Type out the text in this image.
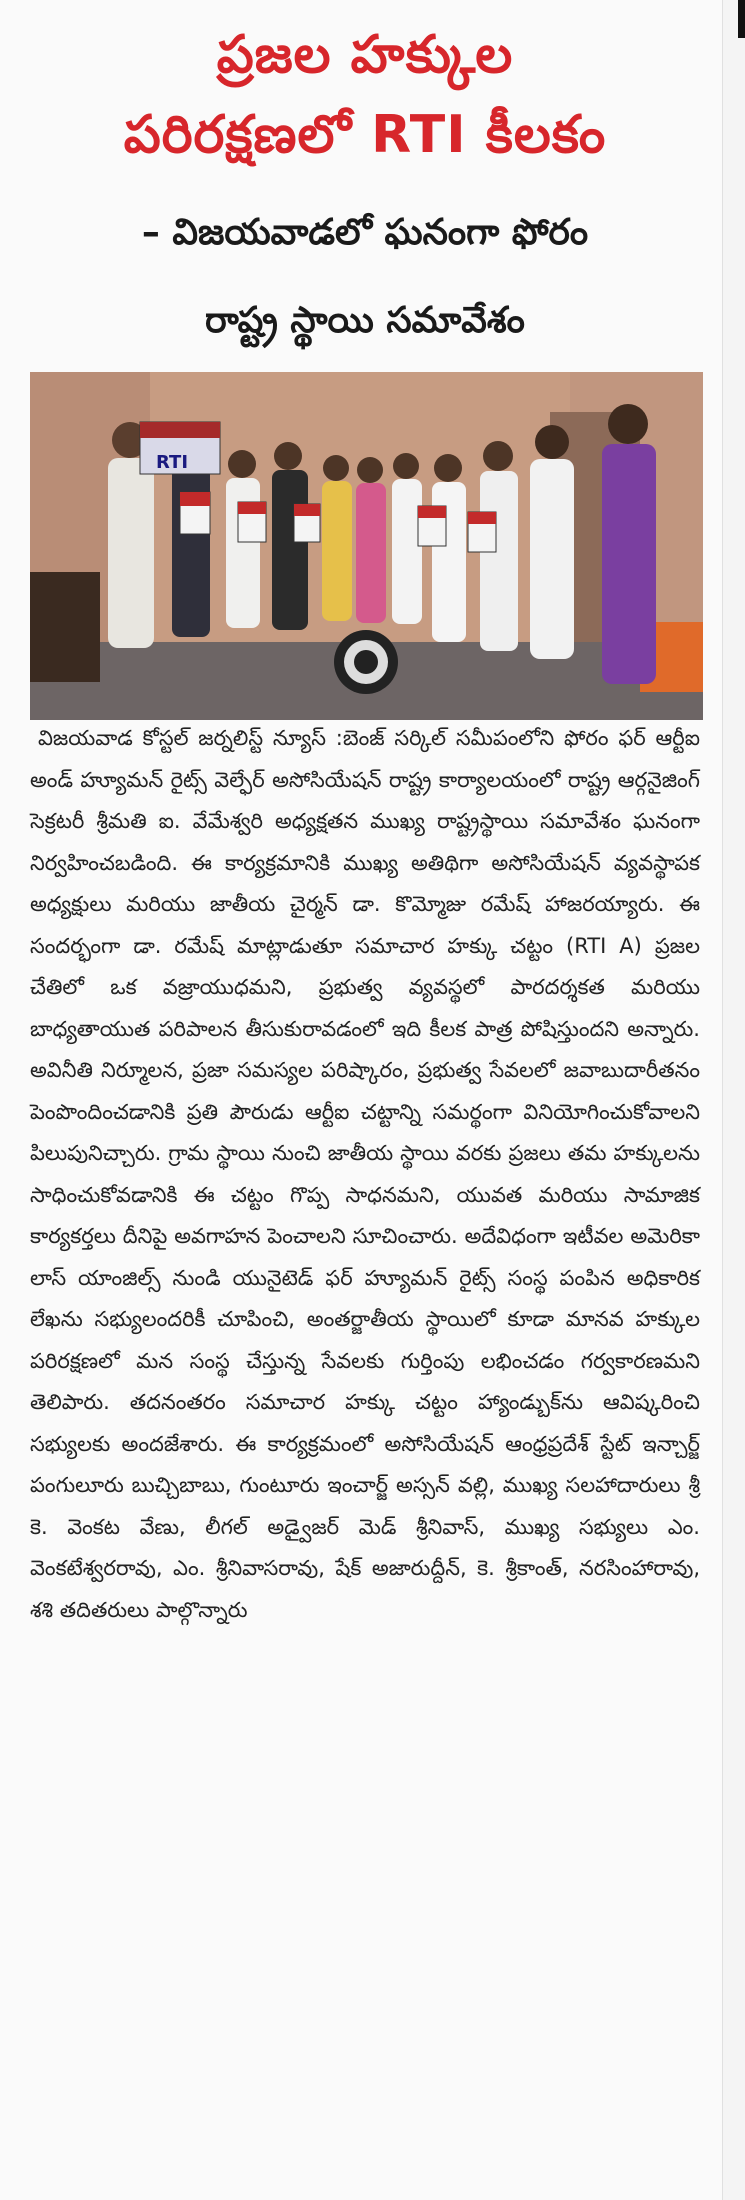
ప్రజల హక్కుల
పరిరక్షణలో RTI కీలకం
– విజయవాడలో ఘనంగా ఫోరం
రాష్ట్ర స్థాయి సమావేశం
RTI

విజయవాడ కోస్టల్ జర్నలిస్ట్ న్యూస్ :బెంజ్ సర్కిల్ సమీపంలోని ఫోరం ఫర్ ఆర్టీఐ అండ్ హ్యూమన్ రైట్స్ వెల్ఫేర్ అసోసియేషన్ రాష్ట్ర కార్యాలయంలో రాష్ట్ర ఆర్గనైజింగ్ సెక్రటరీ శ్రీమతి ఐ. వేమేశ్వరి అధ్యక్షతన ముఖ్య రాష్ట్రస్థాయి సమావేశం ఘనంగా నిర్వహించబడింది. ఈ కార్యక్రమానికి ముఖ్య అతిథిగా అసోసియేషన్ వ్యవస్థాపక అధ్యక్షులు మరియు జాతీయ చైర్మన్ డా. కొమ్మోజు రమేష్ హాజరయ్యారు. ఈ సందర్భంగా డా. రమేష్ మాట్లాడుతూ సమాచార హక్కు చట్టం (RTI A) ప్రజల చేతిలో ఒక వజ్రాయుధమని, ప్రభుత్వ వ్యవస్థలో పారదర్శకత మరియు బాధ్యతాయుత పరిపాలన తీసుకురావడంలో ఇది కీలక పాత్ర పోషిస్తుందని అన్నారు. అవినీతి నిర్మూలన, ప్రజా సమస్యల పరిష్కారం, ప్రభుత్వ సేవలలో జవాబుదారీతనం పెంపొందించడానికి ప్రతి పౌరుడు ఆర్టీఐ చట్టాన్ని సమర్థంగా వినియోగించుకోవాలని పిలుపునిచ్చారు. గ్రామ స్థాయి నుంచి జాతీయ స్థాయి వరకు ప్రజలు తమ హక్కులను సాధించుకోవడానికి ఈ చట్టం గొప్ప సాధనమని, యువత మరియు సామాజిక కార్యకర్తలు దీనిపై అవగాహన పెంచాలని సూచించారు. అదేవిధంగా ఇటీవల అమెరికా లాస్ యాంజిల్స్ నుండి యునైటెడ్ ఫర్ హ్యూమన్ రైట్స్ సంస్థ పంపిన అధికారిక లేఖను సభ్యులందరికీ చూపించి, అంతర్జాతీయ స్థాయిలో కూడా మానవ హక్కుల పరిరక్షణలో మన సంస్థ చేస్తున్న సేవలకు గుర్తింపు లభించడం గర్వకారణమని తెలిపారు. తదనంతరం సమాచార హక్కు చట్టం హ్యాండ్బుక్‌ను ఆవిష్కరించి సభ్యులకు అందజేశారు. ఈ కార్యక్రమంలో అసోసియేషన్ ఆంధ్రప్రదేశ్ స్టేట్ ఇన్చార్జ్ పంగులూరు బుచ్చిబాబు, గుంటూరు ఇంచార్జ్ అస్సన్ వల్లి, ముఖ్య సలహాదారులు శ్రీ కె. వెంకట వేణు, లీగల్ అడ్వైజర్ మెడ్ శ్రీనివాస్, ముఖ్య సభ్యులు ఎం. వెంకటేశ్వరరావు, ఎం. శ్రీనివాసరావు, షేక్ అజారుద్దీన్, కె. శ్రీకాంత్, నరసింహారావు, శశి తదితరులు పాల్గొన్నారు
